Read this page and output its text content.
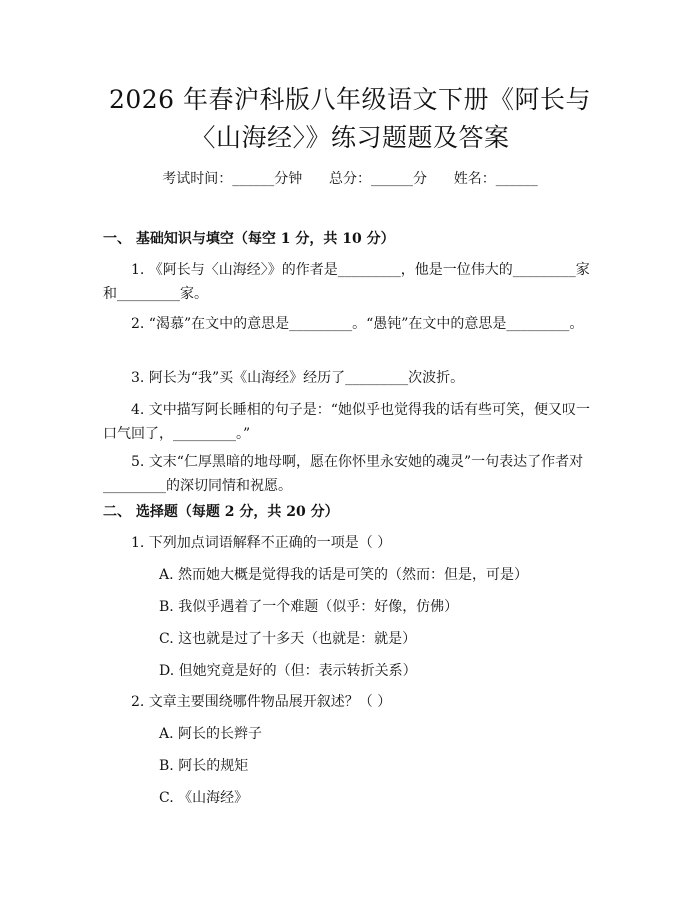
2026 年春沪科版八年级语文下册《阿长与
〈山海经〉》练习题题及答案
考试时间：______分钟      总分：______分      姓名：______
一、 基础知识与填空（每空 1 分，共 10 分）
1. 《阿长与〈山海经〉》的作者是_________，他是一位伟大的_________家和_________家。
2. “渴慕”在文中的意思是_________。“愚钝”在文中的意思是_________。
3. 阿长为“我”买《山海经》经历了_________次波折。
4. 文中描写阿长睡相的句子是：“她似乎也觉得我的话有些可笑，便又叹一口气回了，_________。”
5. 文末“仁厚黑暗的地母啊，愿在你怀里永安她的魂灵”一句表达了作者对_________的深切同情和祝愿。
二、 选择题（每题 2 分，共 20 分）
1. 下列加点词语解释不正确的一项是（ ）
A. 然而她大概是觉得我的话是可笑的（然而：但是，可是）
B. 我似乎遇着了一个难题（似乎：好像，仿佛）
C. 这也就是过了十多天（也就是：就是）
D. 但她究竟是好的（但：表示转折关系）
2. 文章主要围绕哪件物品展开叙述？（ ）
A. 阿长的长辫子
B. 阿长的规矩
C. 《山海经》
